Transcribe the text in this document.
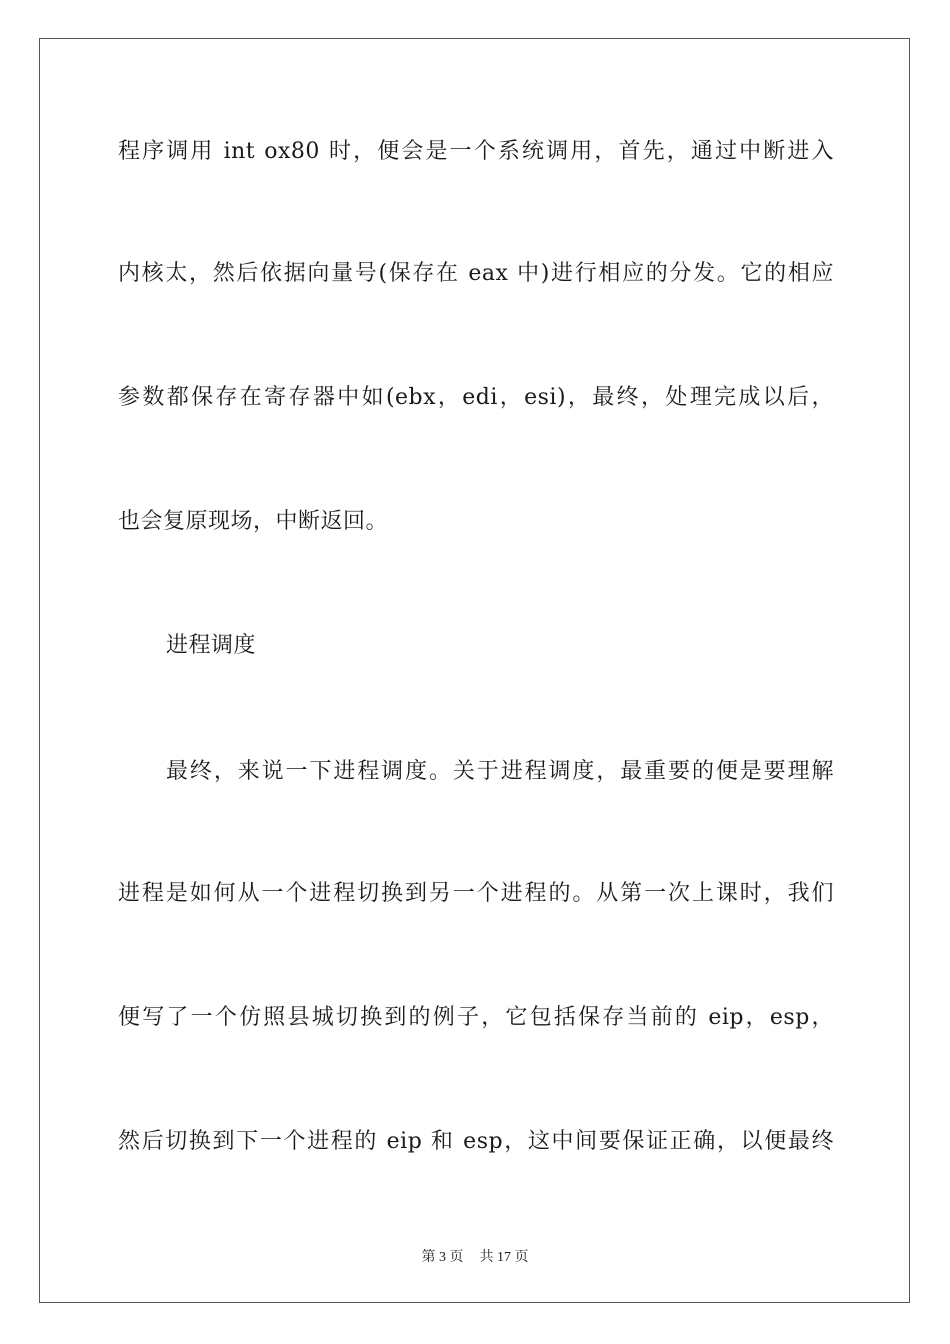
程序调用 int ox80 时，便会是一个系统调用，首先，通过中断进入
内核太，然后依据向量号(保存在 eax 中)进行相应的分发。它的相应
参数都保存在寄存器中如(ebx，edi，esi)，最终，处理完成以后，
也会复原现场，中断返回。
进程调度
最终，来说一下进程调度。关于进程调度，最重要的便是要理解
进程是如何从一个进程切换到另一个进程的。从第一次上课时，我们
便写了一个仿照县城切换到的例子，它包括保存当前的 eip，esp，
然后切换到下一个进程的 eip 和 esp，这中间要保证正确，以便最终
第 3 页 共 17 页
